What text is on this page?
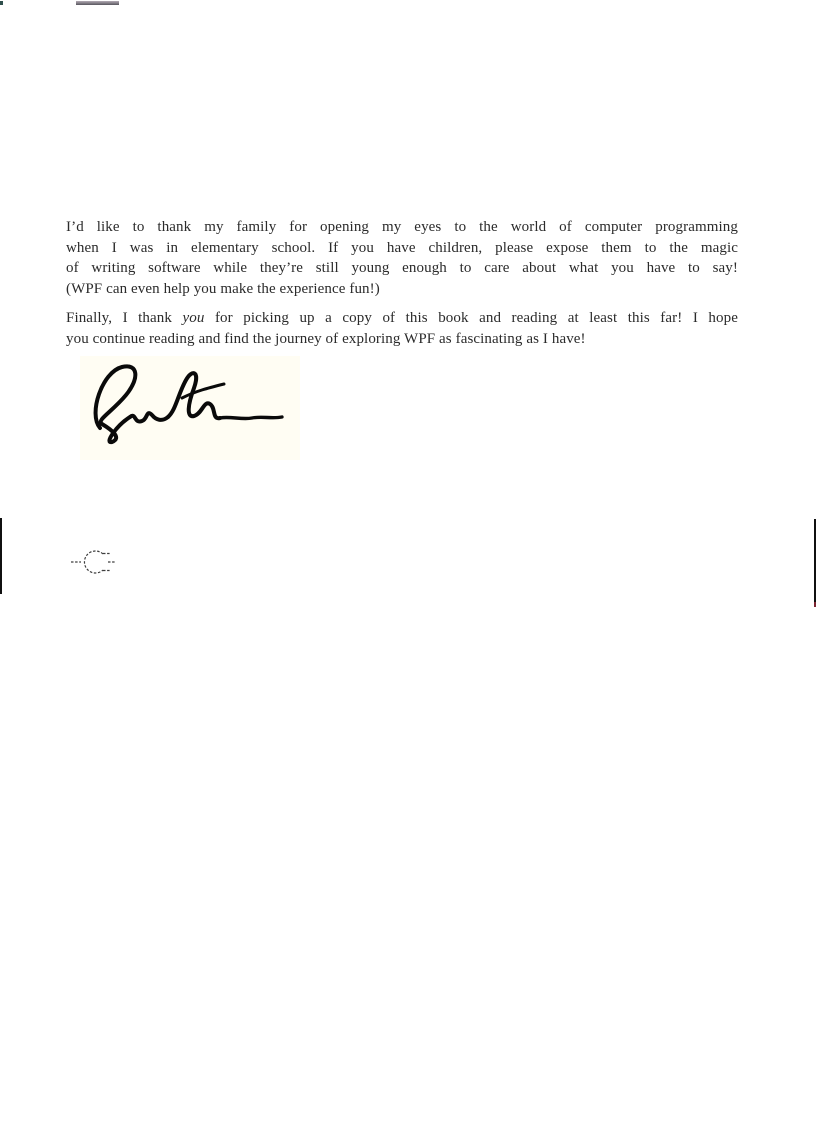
I’d like to thank my family for opening my eyes to the world of computer programming
when I was in elementary school. If you have children, please expose them to the magic
of writing software while they’re still young enough to care about what you have to say!
(WPF can even help you make the experience fun!)
Finally, I thank you for picking up a copy of this book and reading at least this far! I hope
you continue reading and find the journey of exploring WPF as fascinating as I have!
